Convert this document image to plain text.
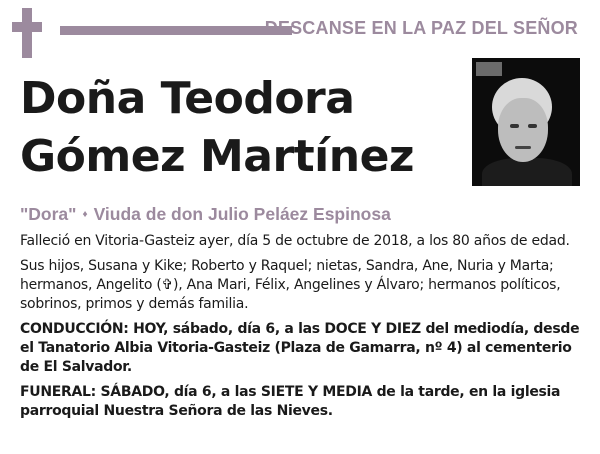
DESCANSE EN LA PAZ DEL SEÑOR
Doña Teodora
Gómez Martínez
"Dora" ♦ Viuda de don Julio Peláez Espinosa

Falleció en Vitoria-Gasteiz ayer, día 5 de octubre de 2018, a los 80 años de edad.

Sus hijos, Susana y Kike; Roberto y Raquel; nietas, Sandra, Ane, Nuria y Marta; hermanos, Angelito (✞), Ana Mari, Félix, Angelines y Álvaro; hermanos políticos, sobrinos, primos y demás familia.

CONDUCCIÓN: HOY, sábado, día 6, a las DOCE Y DIEZ del mediodía, desde el Tanatorio Albia Vitoria-Gasteiz (Plaza de Gamarra, nº 4) al cementerio de El Salvador.

FUNERAL: SÁBADO, día 6, a las SIETE Y MEDIA de la tarde, en la iglesia parroquial Nuestra Señora de las Nieves.
